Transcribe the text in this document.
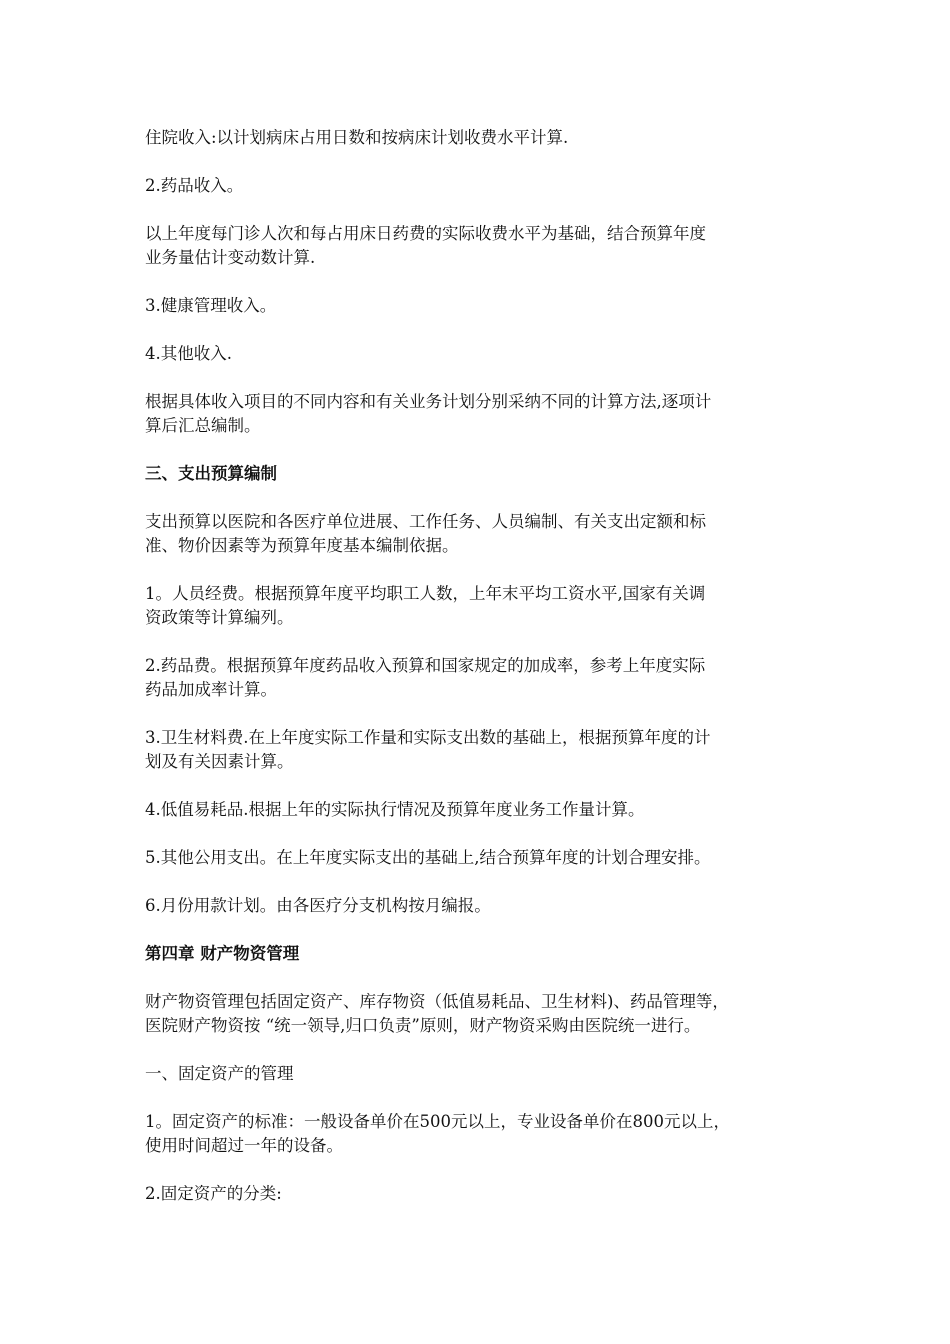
住院收入:以计划病床占用日数和按病床计划收费水平计算.
2.药品收入。
以上年度每门诊人次和每占用床日药费的实际收费水平为基础，结合预算年度
业务量估计变动数计算.
3.健康管理收入。
4.其他收入.
根据具体收入项目的不同内容和有关业务计划分别采纳不同的计算方法,逐项计
算后汇总编制。
三、支出预算编制
支出预算以医院和各医疗单位进展、工作任务、人员编制、有关支出定额和标
准、物价因素等为预算年度基本编制依据。
1。人员经费。根据预算年度平均职工人数，上年末平均工资水平,国家有关调
资政策等计算编列。
2.药品费。根据预算年度药品收入预算和国家规定的加成率，参考上年度实际
药品加成率计算。
3.卫生材料费.在上年度实际工作量和实际支出数的基础上，根据预算年度的计
划及有关因素计算。
4.低值易耗品.根据上年的实际执行情况及预算年度业务工作量计算。
5.其他公用支出。在上年度实际支出的基础上,结合预算年度的计划合理安排。
6.月份用款计划。由各医疗分支机构按月编报。
第四章 财产物资管理
财产物资管理包括固定资产、库存物资（低值易耗品、卫生材料)、药品管理等，
医院财产物资按 “统一领导,归口负责”原则，财产物资采购由医院统一进行。
一、固定资产的管理
1。固定资产的标准：一般设备单价在500元以上，专业设备单价在800元以上，
使用时间超过一年的设备。
2.固定资产的分类:
